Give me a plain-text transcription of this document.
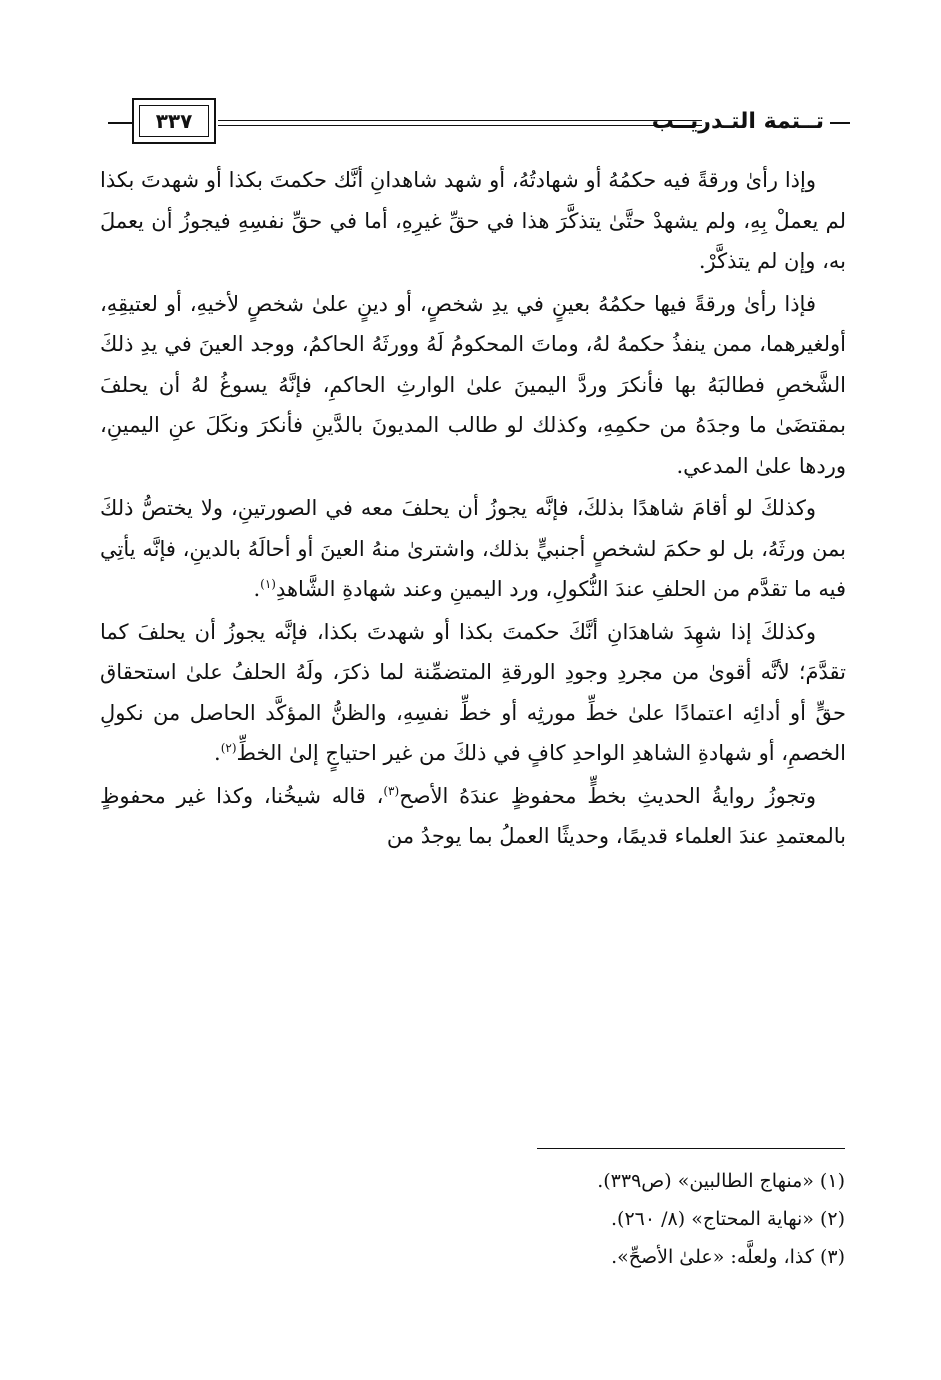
تــتمة التـدريــب
٣٣٧

وإذا رأىٰ ورقةً فيه حكمُهُ أو شهادتُهُ، أو شهد شاهدانِ أنَّك حكمتَ بكذا أو شهدتَ بكذا لم يعملْ بِهِ، ولم يشهدْ حتَّىٰ يتذكَّرَ هذا في حقِّ غيرِهِ، أما في حقِّ نفسِهِ فيجوزُ أن يعملَ به، وإن لم يتذكَّرْ.

فإذا رأىٰ ورقةً فيها حكمُهُ بعينٍ في يدِ شخصٍ، أو دينٍ علىٰ شخصٍ لأخيهِ، أو لعتيقِهِ، أولغيرهما، ممن ينفذُ حكمهُ لهُ، وماتَ المحكومُ لَهُ وورثَهُ الحاكمُ، ووجد العينَ في يدِ ذلكَ الشَّخصِ فطالبَهُ بها فأنكرَ وردَّ اليمينَ علىٰ الوارثِ الحاكمِ، فإنَّهُ يسوغُ لهُ أن يحلفَ بمقتضَىٰ ما وجدَهُ من حكمِهِ، وكذلك لو طالب المديونَ بالدَّينِ فأنكرَ ونكَلَ عنِ اليمينِ، وردها علىٰ المدعي.

وكذلكَ لو أقامَ شاهدًا بذلكَ، فإنَّه يجوزُ أن يحلفَ معه في الصورتينِ، ولا يختصُّ ذلكَ بمن ورثَهُ، بل لو حكمَ لشخصٍ أجنبيٍّ بذلك، واشترىٰ منهُ العينَ أو أحالَهُ بالدينِ، فإنَّه يأتِي فيه ما تقدَّم من الحلفِ عندَ النُّكولِ، ورد اليمينِ وعند شهادةِ الشَّاهدِ$^{(١)}$.

وكذلكَ إذا شهِدَ شاهدَانِ أنَّكَ حكمتَ بكذا أو شهدتَ بكذا، فإنَّه يجوزُ أن يحلفَ كما تقدَّمَ؛ لأنَّه أقوىٰ من مجردِ وجودِ الورقةِ المتضمِّنة لما ذكرَ، ولَهُ الحلفُ علىٰ استحقاق حقٍّ أو أدائِه اعتمادًا علىٰ خطِّ مورثِه أو خطِّ نفسِهِ، والظنُّ المؤكَّد الحاصل من نكولِ الخصمِ، أو شهادةِ الشاهدِ الواحدِ كافٍ في ذلكَ من غير احتياجٍ إلىٰ الخطِّ$^{(٢)}$.

وتجوزُ روايةُ الحديثِ بخطٍّ محفوظٍ عندَهُ الأصح$^{(٣)}$، قاله شيخُنا، وكذا غير محفوظٍ بالمعتمدِ عندَ العلماء قديمًا، وحديثًا العملُ بما يوجدُ من

(١) «منهاج الطالبين» (ص٣٣٩).

(٢) «نهاية المحتاج» (٨/ ٢٦٠).

(٣) كذا، ولعلَّه: «علىٰ الأصحِّ».
